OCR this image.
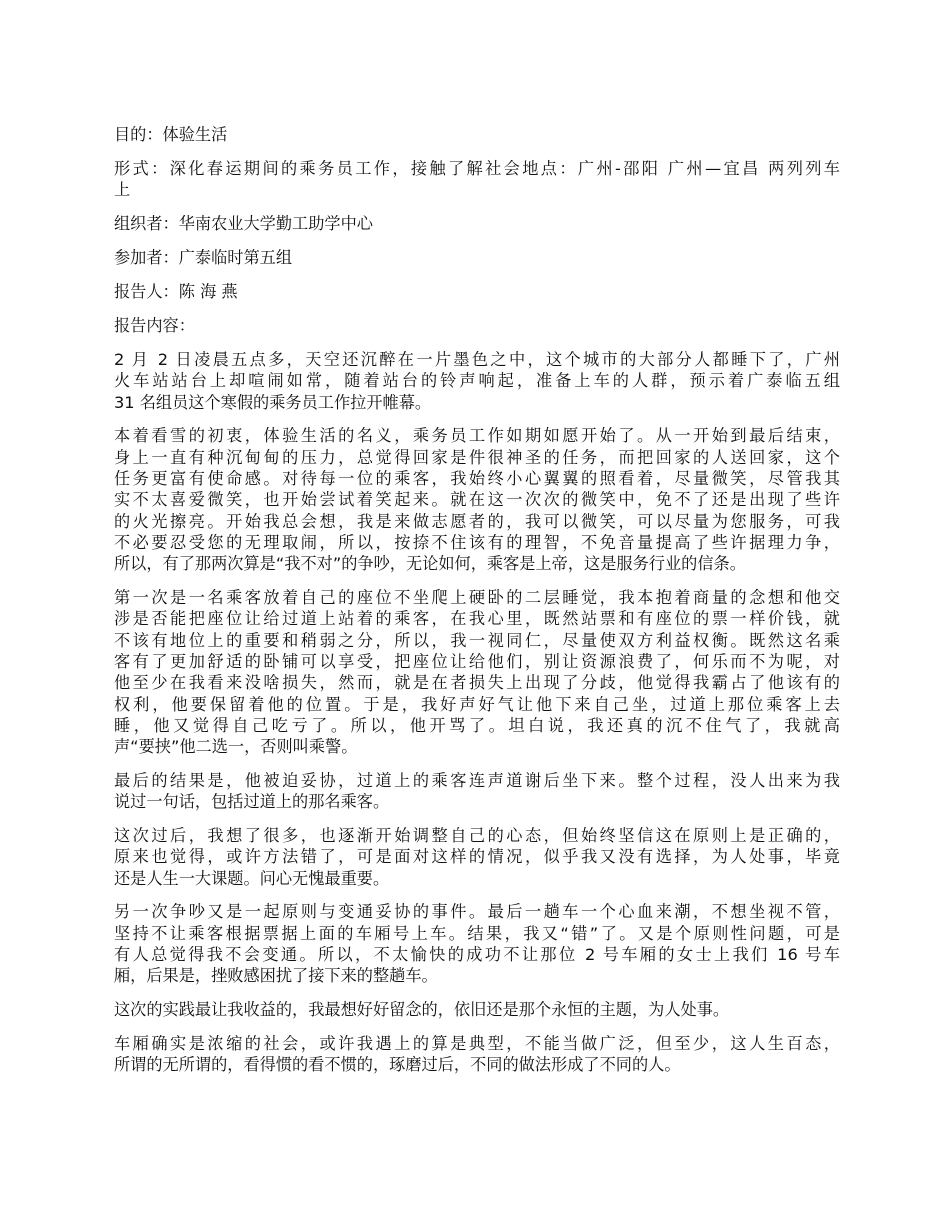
目的：体验生活
形式：深化春运期间的乘务员工作，接触了解社会地点：广州-邵阳 广州—宜昌 两列列车
上
组织者：华南农业大学勤工助学中心
参加者：广泰临时第五组
报告人：陈 海 燕
报告内容：
2 月 2 日凌晨五点多，天空还沉醉在一片墨色之中，这个城市的大部分人都睡下了，广州
火车站站台上却喧闹如常，随着站台的铃声响起，准备上车的人群，预示着广泰临五组
31 名组员这个寒假的乘务员工作拉开帷幕。
本着看雪的初衷，体验生活的名义，乘务员工作如期如愿开始了。从一开始到最后结束，
身上一直有种沉甸甸的压力，总觉得回家是件很神圣的任务，而把回家的人送回家，这个
任务更富有使命感。对待每一位的乘客，我始终小心翼翼的照看着，尽量微笑，尽管我其
实不太喜爱微笑，也开始尝试着笑起来。就在这一次次的微笑中，免不了还是出现了些许
的火光擦亮。开始我总会想，我是来做志愿者的，我可以微笑，可以尽量为您服务，可我
不必要忍受您的无理取闹，所以，按捺不住该有的理智，不免音量提高了些许据理力争，
所以，有了那两次算是“我不对”的争吵，无论如何，乘客是上帝，这是服务行业的信条。
第一次是一名乘客放着自己的座位不坐爬上硬卧的二层睡觉，我本抱着商量的念想和他交
涉是否能把座位让给过道上站着的乘客，在我心里，既然站票和有座位的票一样价钱，就
不该有地位上的重要和稍弱之分，所以，我一视同仁，尽量使双方利益权衡。既然这名乘
客有了更加舒适的卧铺可以享受，把座位让给他们，别让资源浪费了，何乐而不为呢，对
他至少在我看来没啥损失，然而，就是在者损失上出现了分歧，他觉得我霸占了他该有的
权利，他要保留着他的位置。于是，我好声好气让他下来自己坐，过道上那位乘客上去
睡，他又觉得自己吃亏了。所以，他开骂了。坦白说，我还真的沉不住气了，我就高
声“要挟”他二选一，否则叫乘警。
最后的结果是，他被迫妥协，过道上的乘客连声道谢后坐下来。整个过程，没人出来为我
说过一句话，包括过道上的那名乘客。
这次过后，我想了很多，也逐渐开始调整自己的心态，但始终坚信这在原则上是正确的，
原来也觉得，或许方法错了，可是面对这样的情况，似乎我又没有选择，为人处事，毕竟
还是人生一大课题。问心无愧最重要。
另一次争吵又是一起原则与变通妥协的事件。最后一趟车一个心血来潮，不想坐视不管，
坚持不让乘客根据票据上面的车厢号上车。结果，我又“错”了。又是个原则性问题，可是
有人总觉得我不会变通。所以，不太愉快的成功不让那位 2 号车厢的女士上我们 16 号车
厢，后果是，挫败感困扰了接下来的整趟车。
这次的实践最让我收益的，我最想好好留念的，依旧还是那个永恒的主题，为人处事。
车厢确实是浓缩的社会，或许我遇上的算是典型，不能当做广泛，但至少，这人生百态，
所谓的无所谓的，看得惯的看不惯的，琢磨过后，不同的做法形成了不同的人。
